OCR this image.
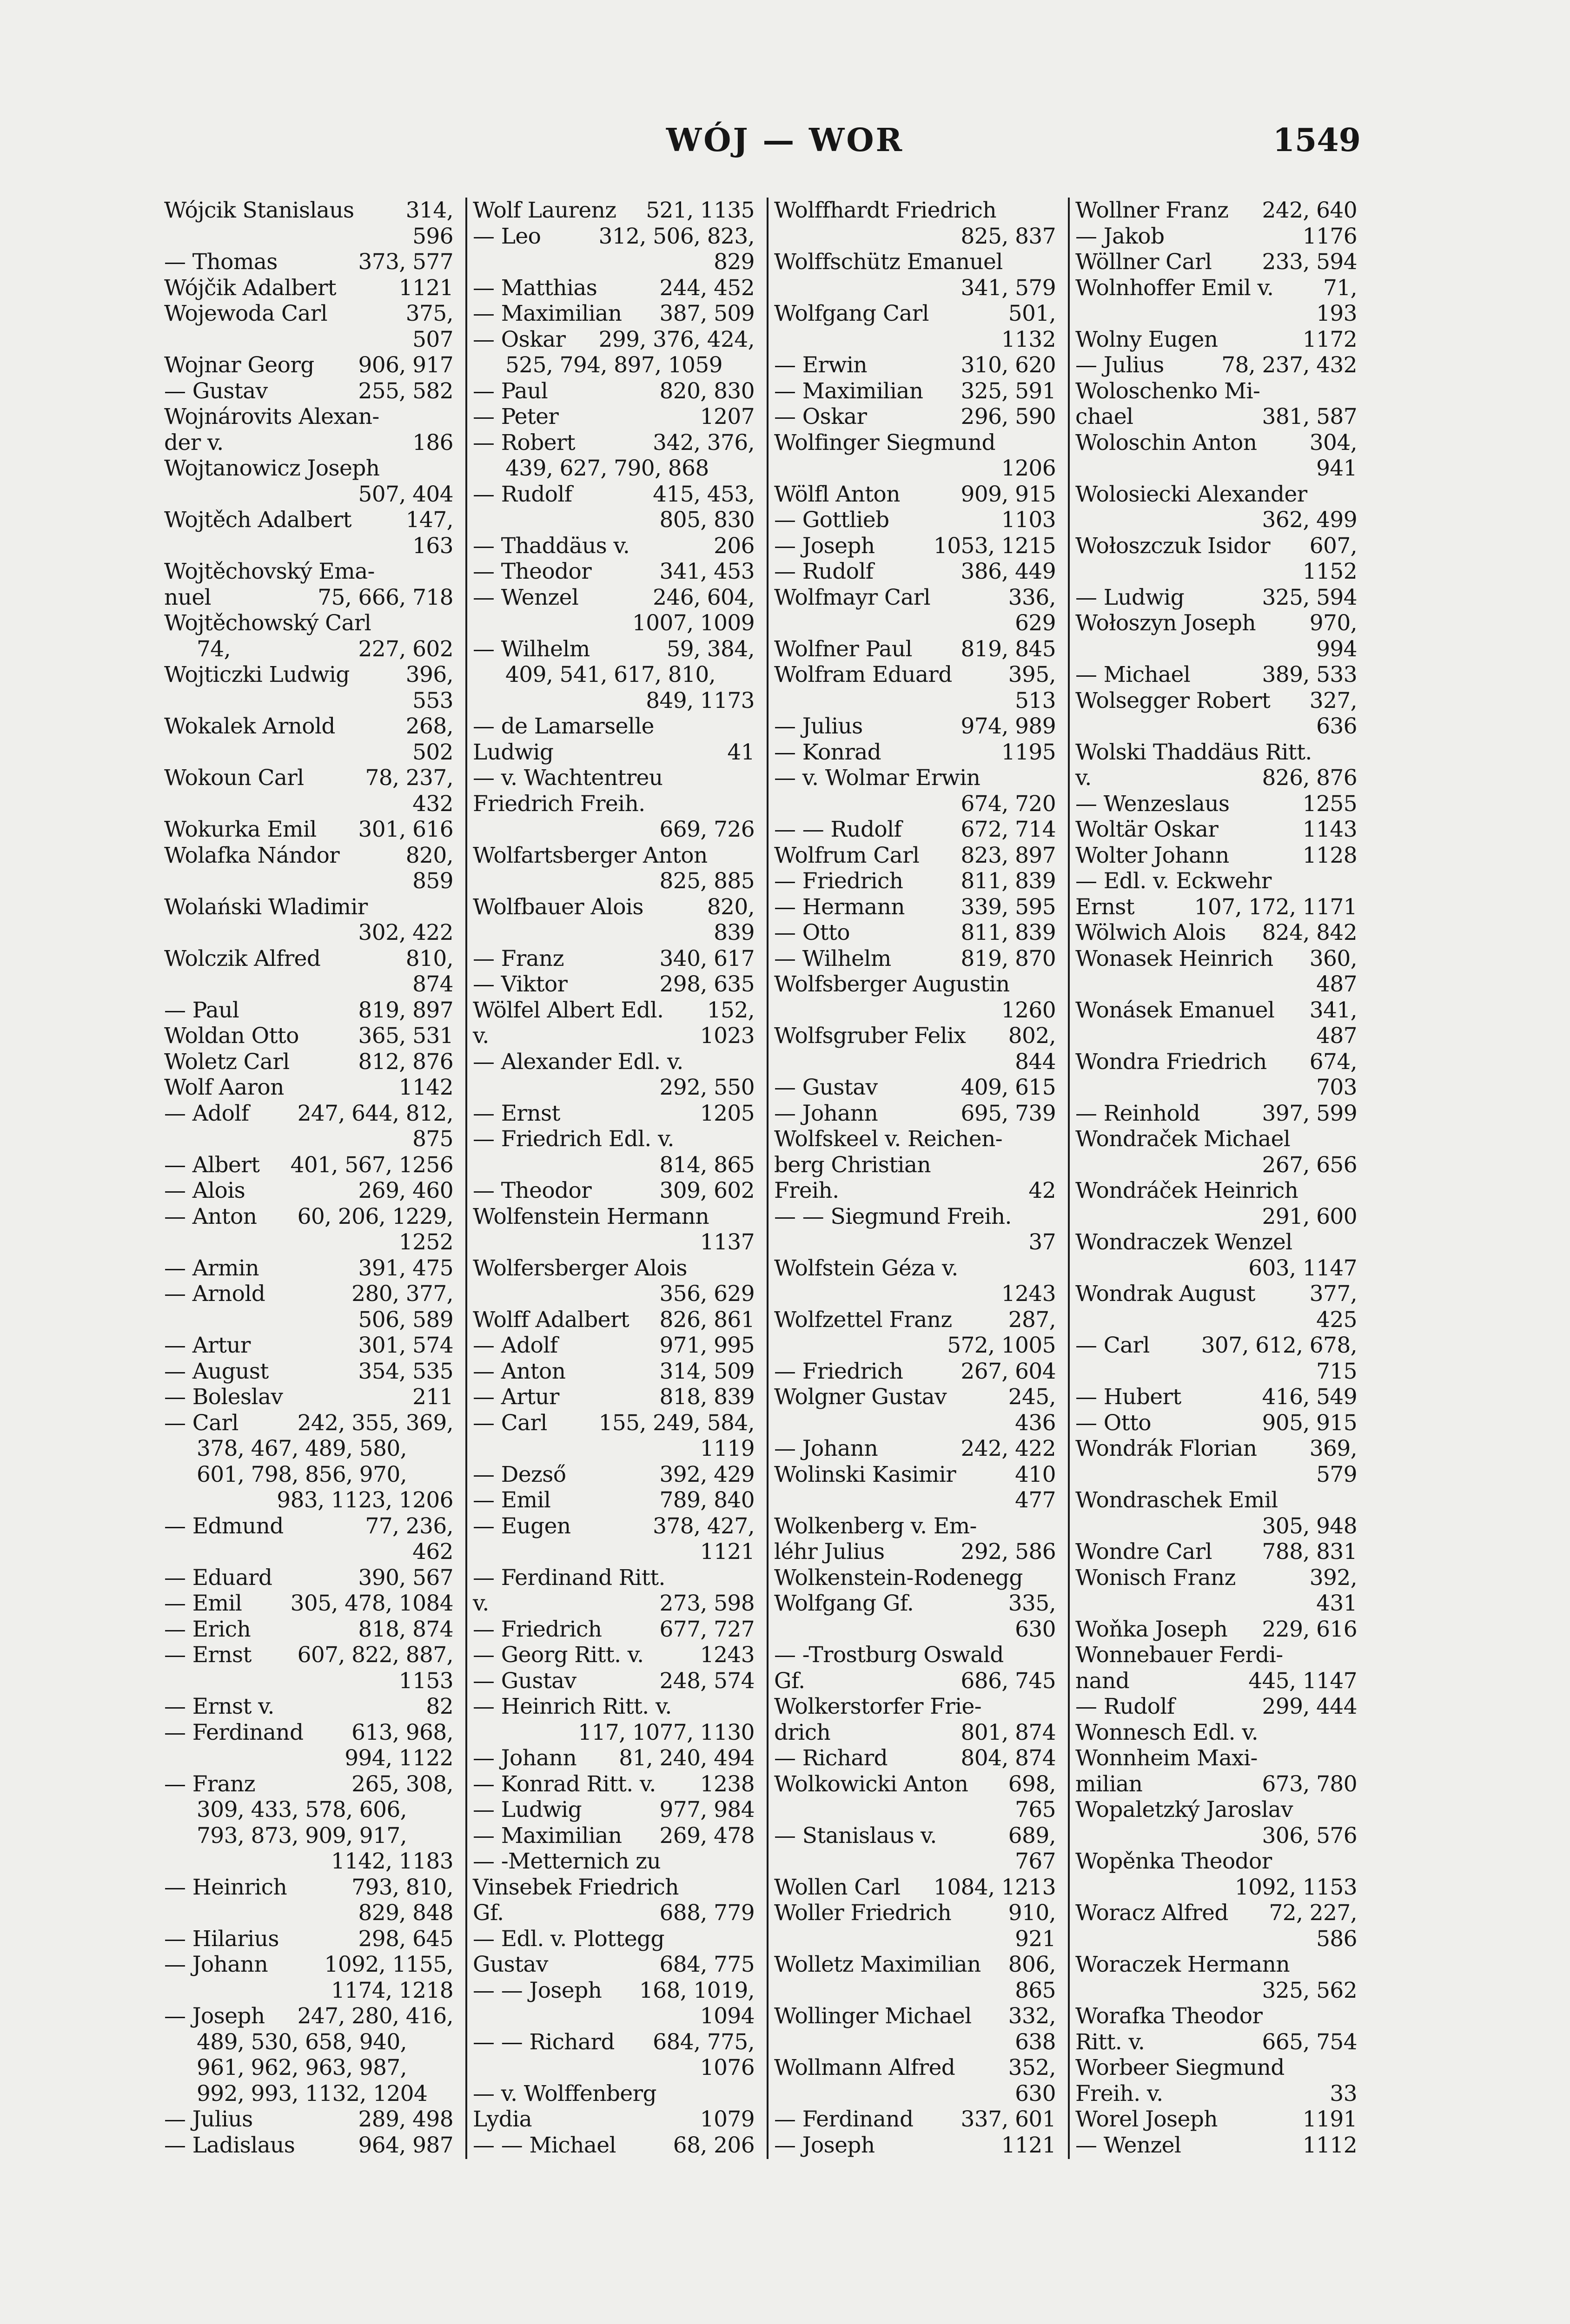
WÓJ — WOR	1549
Wójcik Stanislaus 314,
596
— Thomas	373, 577
Wójčik Adalbert	1121
Wojewoda Carl	375,
507
Wojnar Georg 906, 917
— Gustav	255, 582
Wojnárovits Alexan-
der v.	186
Wojtanowicz Joseph
507, 404
Wojtěch Adalbert 147,
163
Wojtěchovský Ema-
nuel	75, 666, 718
Wojtěchowský Carl
74,	227, 602
Wojticzki Ludwig	396,
553
Wokalek Arnold	268,
502
Wokoun Carl	78, 237,
432
Wokurka Emil 301, 616
Wolafka Nándor	820,
859
Wolański Wladimir
302, 422
Wolczik Alfred	810,
874
— Paul	819, 897
Woldan Otto	365, 531
Woletz Carl	812, 876
Wolf Aaron	1142
— Adolf 247, 644, 812,
875
— Albert 401, 567, 1256
— Alois	269, 460
— Anton 60, 206, 1229,
1252
— Armin	391, 475
— Arnold	280, 377,
506, 589
— Artur	301, 574
— August	354, 535
— Boleslav	211
— Carl	242, 355, 369,
378, 467, 489, 580,
601, 798, 856, 970,
983, 1123, 1206
— Edmund	77, 236,
462
— Eduard	390, 567
— Emil 305, 478, 1084
— Erich	818, 874
— Ernst 607, 822, 887,
1153
— Ernst v.	82
— Ferdinand 613, 968,
994, 1122
— Franz	265, 308,
309, 433, 578, 606,
793, 873, 909, 917,
1142, 1183
— Heinrich	793, 810,
829, 848
— Hilarius	298, 645
— Johann	1092, 1155,
1174, 1218
— Joseph 247, 280, 416,
489, 530, 658, 940,
961, 962, 963, 987,
992, 993, 1132, 1204
— Julius	289, 498
— Ladislaus	964, 987
Wolf Laurenz 521, 1135
— Leo	312, 506, 823,
829
— Matthias	244, 452
— Maximilian 387, 509
— Oskar 299, 376, 424,
525, 794, 897, 1059
— Paul	820, 830
— Peter	1207
— Robert	342, 376,
439, 627, 790, 868
— Rudolf	415, 453,
805, 830
— Thaddäus v.	206
— Theodor	341, 453
— Wenzel	246, 604,
1007, 1009
— Wilhelm	59, 384,
409, 541, 617, 810,
849, 1173
— de Lamarselle
Ludwig	41
— v. Wachtentreu
Friedrich Freih.
669, 726
Wolfartsberger Anton
825, 885
Wolfbauer Alois	820,
839
— Franz	340, 617
— Viktor	298, 635
Wölfel Albert Edl. 152,
v.	1023
— Alexander Edl. v.
292, 550
— Ernst	1205
— Friedrich Edl. v.
814, 865
— Theodor	309, 602
Wolfenstein Hermann
1137
Wolfersberger Alois
356, 629
Wolff Adalbert 826, 861
— Adolf	971, 995
— Anton	314, 509
— Artur	818, 839
— Carl 155, 249, 584,
1119
— Dezső	392, 429
— Emil	789, 840
— Eugen	378, 427,
1121
— Ferdinand Ritt.
v.	273, 598
— Friedrich	677, 727
— Georg Ritt. v.	1243
— Gustav	248, 574
— Heinrich Ritt. v.
117, 1077, 1130
— Johann 81, 240, 494
— Konrad Ritt. v. 1238
— Ludwig	977, 984
— Maximilian 269, 478
— -Metternich zu
Vinsebek Friedrich
Gf.	688, 779
— Edl. v. Plottegg
Gustav	684, 775
— — Joseph 168, 1019,
1094
— — Richard 684, 775,
1076
— v. Wolffenberg
Lydia	1079
— — Michael	68, 206
Wolffhardt Friedrich
825, 837
Wolffschütz Emanuel
341, 579
Wolfgang Carl	501,
1132
— Erwin	310, 620
— Maximilian 325, 591
— Oskar	296, 590
Wolfinger Siegmund
1206
Wölfl Anton	909, 915
— Gottlieb	1103
— Joseph	1053, 1215
— Rudolf	386, 449
Wolfmayr Carl	336,
629
Wolfner Paul 819, 845
Wolfram Eduard	395,
513
— Julius	974, 989
— Konrad	1195
— v. Wolmar Erwin
674, 720
— — Rudolf	672, 714
Wolfrum Carl 823, 897
— Friedrich	811, 839
— Hermann	339, 595
— Otto	811, 839
— Wilhelm	819, 870
Wolfsberger Augustin
1260
Wolfsgruber Felix 802,
844
— Gustav	409, 615
— Johann	695, 739
Wolfskeel v. Reichen-
berg Christian
Freih.	42
— — Siegmund Freih.
37
Wolfstein Géza v.
1243
Wolfzettel Franz	287,
572, 1005
— Friedrich	267, 604
Wolgner Gustav	245,
436
— Johann	242, 422
Wolinski Kasimir	410
477
Wolkenberg v. Em-
léhr Julius	292, 586
Wolkenstein-Rodenegg
Wolfgang Gf.	335,
630
— -Trostburg Oswald
Gf.	686, 745
Wolkerstorfer Frie-
drich	801, 874
— Richard	804, 874
Wolkowicki Anton 698,
765
— Stanislaus v.	689,
767
Wollen Carl 1084, 1213
Woller Friedrich	910,
921
Wolletz Maximilian 806,
865
Wollinger Michael 332,
638
Wollmann Alfred 352,
630
— Ferdinand 337, 601
— Joseph	1121
Wollner Franz 242, 640
— Jakob	1176
Wöllner Carl 233, 594
Wolnhoffer Emil v. 71,
193
Wolny Eugen	1172
— Julius	78, 237, 432
Woloschenko Mi-
chael	381, 587
Woloschin Anton 304,
941
Wolosiecki Alexander
362, 499
Wołoszczuk Isidor 607,
1152
— Ludwig	325, 594
Wołoszyn Joseph 970,
994
— Michael	389, 533
Wolsegger Robert 327,
636
Wolski Thaddäus Ritt.
v.	826, 876
— Wenzeslaus	1255
Woltär Oskar	1143
Wolter Johann	1128
— Edl. v. Eckwehr
Ernst	107, 172, 1171
Wölwich Alois 824, 842
Wonasek Heinrich 360,
487
Wonásek Emanuel 341,
487
Wondra Friedrich 674,
703
— Reinhold	397, 599
Wondraček Michael
267, 656
Wondráček Heinrich
291, 600
Wondraczek Wenzel
603, 1147
Wondrak August 377,
425
— Carl 307, 612, 678,
715
— Hubert	416, 549
— Otto	905, 915
Wondrák Florian 369,
579
Wondraschek Emil
305, 948
Wondre Carl 788, 831
Wonisch Franz	392,
431
Woňka Joseph 229, 616
Wonnebauer Ferdi-
nand	445, 1147
— Rudolf	299, 444
Wonnesch Edl. v.
Wonnheim Maxi-
milian	673, 780
Wopaletzký Jaroslav
306, 576
Wopěnka Theodor
1092, 1153
Woracz Alfred 72, 227,
586
Woraczek Hermann
325, 562
Worafka Theodor
Ritt. v.	665, 754
Worbeer Siegmund
Freih. v.	33
Worel Joseph	1191
— Wenzel	1112
